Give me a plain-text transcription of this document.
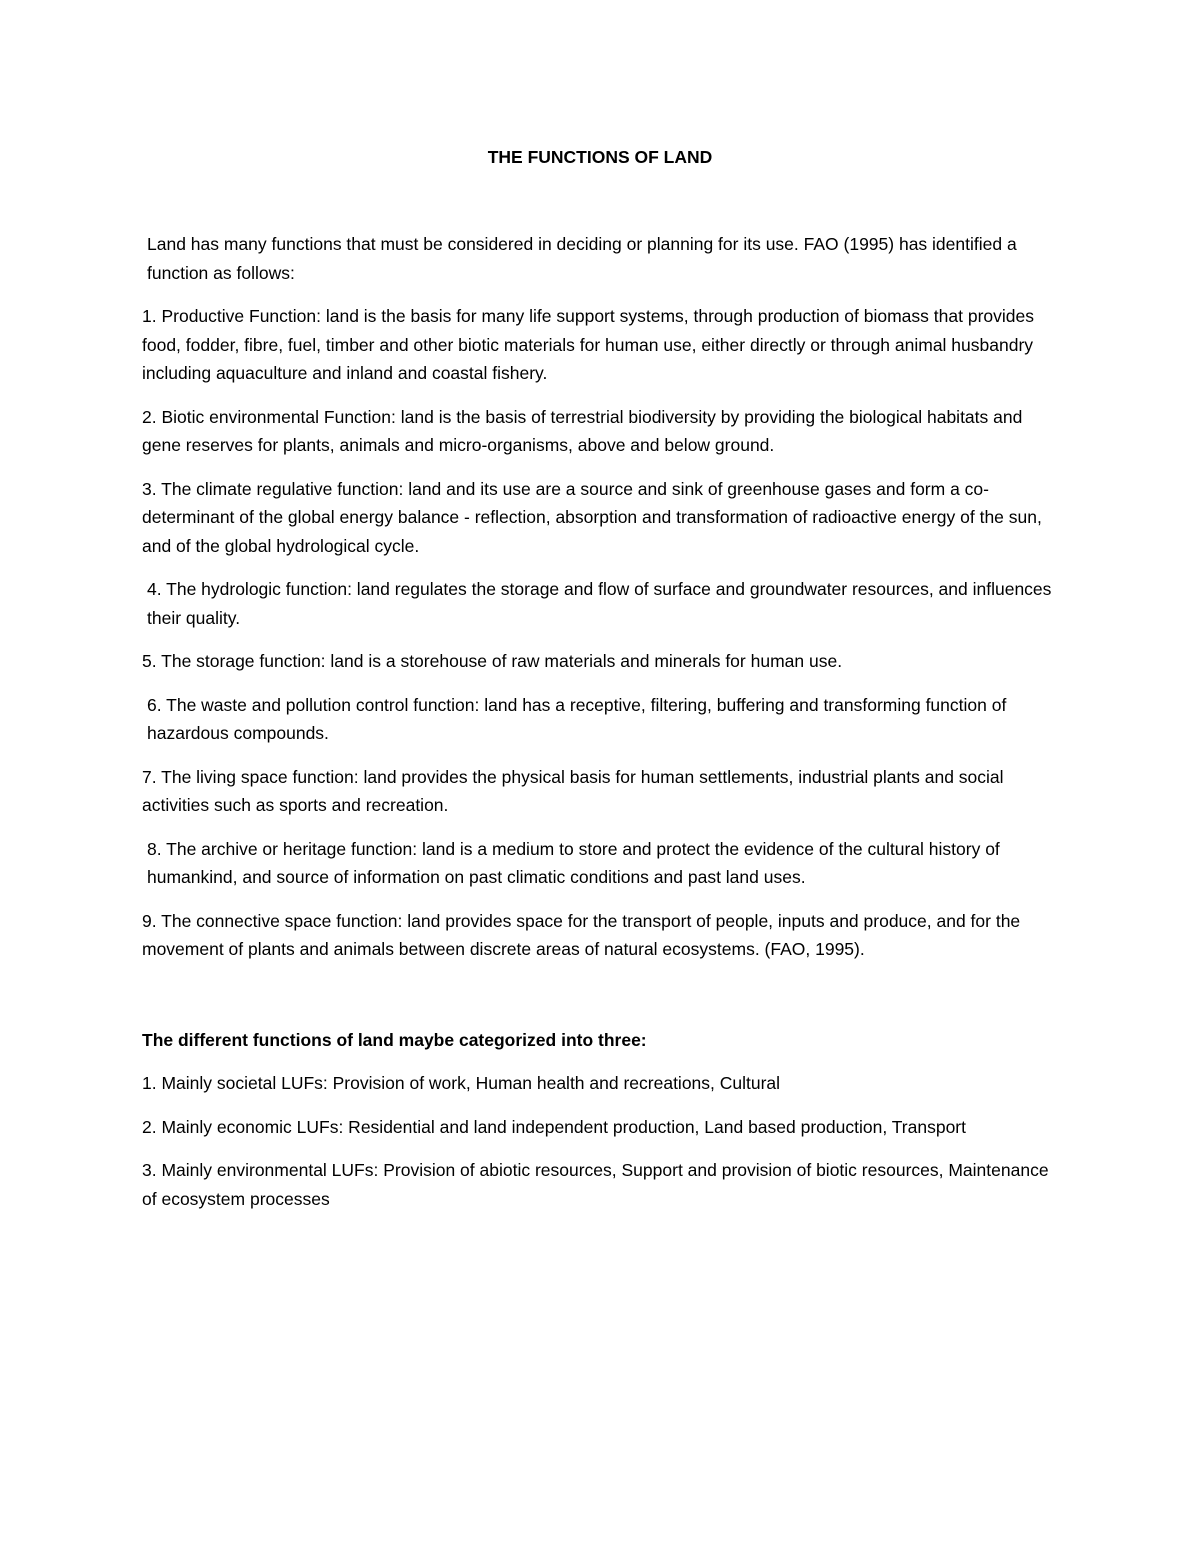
THE FUNCTIONS OF LAND

Land has many functions that must be considered in deciding or planning for its use. FAO (1995) has identified a function as follows:

1. Productive Function: land is the basis for many life support systems, through production of biomass that provides food, fodder, fibre, fuel, timber and other biotic materials for human use, either directly or through animal husbandry including aquaculture and inland and coastal fishery.

2. Biotic environmental Function: land is the basis of terrestrial biodiversity by providing the biological habitats and gene reserves for plants, animals and micro-organisms, above and below ground.

3. The climate regulative function: land and its use are a source and sink of greenhouse gases and form a co-determinant of the global energy balance - reflection, absorption and transformation of radioactive energy of the sun, and of the global hydrological cycle.

4. The hydrologic function: land regulates the storage and flow of surface and groundwater resources, and influences their quality.

5. The storage function: land is a storehouse of raw materials and minerals for human use.

6. The waste and pollution control function: land has a receptive, filtering, buffering and transforming function of hazardous compounds.

7. The living space function: land provides the physical basis for human settlements, industrial plants and social activities such as sports and recreation.

8. The archive or heritage function: land is a medium to store and protect the evidence of the cultural history of humankind, and source of information on past climatic conditions and past land uses.

9. The connective space function: land provides space for the transport of people, inputs and produce, and for the movement of plants and animals between discrete areas of natural ecosystems. (FAO, 1995).

The different functions of land maybe categorized into three:

1. Mainly societal LUFs: Provision of work, Human health and recreations, Cultural

2. Mainly economic LUFs: Residential and land independent production, Land based production, Transport

3. Mainly environmental LUFs: Provision of abiotic resources, Support and provision of biotic resources, Maintenance of ecosystem processes
